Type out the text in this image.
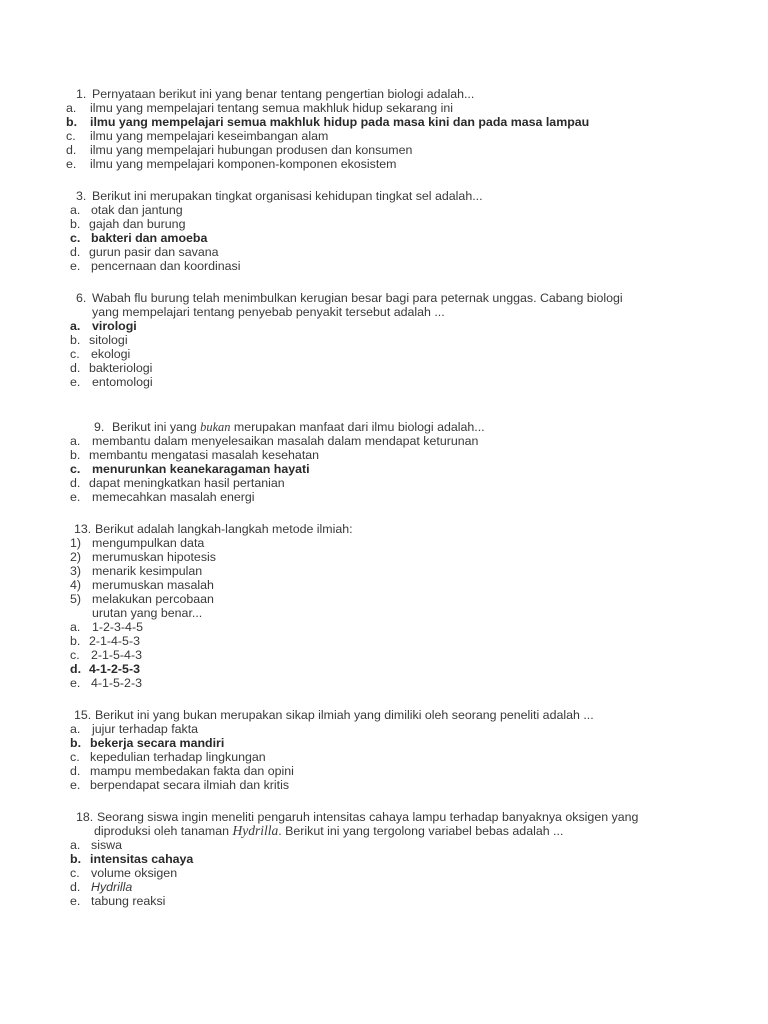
1. Pernyataan berikut ini yang benar tentang pengertian biologi adalah...
a. ilmu yang mempelajari tentang semua makhluk hidup sekarang ini
b. ilmu yang mempelajari semua makhluk hidup pada masa kini dan pada masa lampau
c. ilmu yang mempelajari keseimbangan alam
d. ilmu yang mempelajari hubungan produsen dan konsumen
e. ilmu yang mempelajari komponen-komponen ekosistem
3. Berikut ini merupakan tingkat organisasi kehidupan tingkat sel adalah...
a. otak dan jantung
b. gajah dan burung
c. bakteri dan amoeba
d. gurun pasir dan savana
e. pencernaan dan koordinasi
6. Wabah flu burung telah menimbulkan kerugian besar bagi para peternak unggas. Cabang biologi
yang mempelajari tentang penyebab penyakit tersebut adalah ...
a. virologi
b. sitologi
c. ekologi
d. bakteriologi
e. entomologi
9. Berikut ini yang bukan merupakan manfaat dari ilmu biologi adalah...
a. membantu dalam menyelesaikan masalah dalam mendapat keturunan
b. membantu mengatasi masalah kesehatan
c. menurunkan keanekaragaman hayati
d. dapat meningkatkan hasil pertanian
e. memecahkan masalah energi
13. Berikut adalah langkah-langkah metode ilmiah:
1) mengumpulkan data
2) merumuskan hipotesis
3) menarik kesimpulan
4) merumuskan masalah
5) melakukan percobaan
urutan yang benar...
a. 1-2-3-4-5
b. 2-1-4-5-3
c. 2-1-5-4-3
d. 4-1-2-5-3
e. 4-1-5-2-3
15. Berikut ini yang bukan merupakan sikap ilmiah yang dimiliki oleh seorang peneliti adalah ...
a. jujur terhadap fakta
b. bekerja secara mandiri
c. kepedulian terhadap lingkungan
d. mampu membedakan fakta dan opini
e. berpendapat secara ilmiah dan kritis
18. Seorang siswa ingin meneliti pengaruh intensitas cahaya lampu terhadap banyaknya oksigen yang
diproduksi oleh tanaman Hydrilla. Berikut ini yang tergolong variabel bebas adalah ...
a. siswa
b. intensitas cahaya
c. volume oksigen
d. Hydrilla
e. tabung reaksi
